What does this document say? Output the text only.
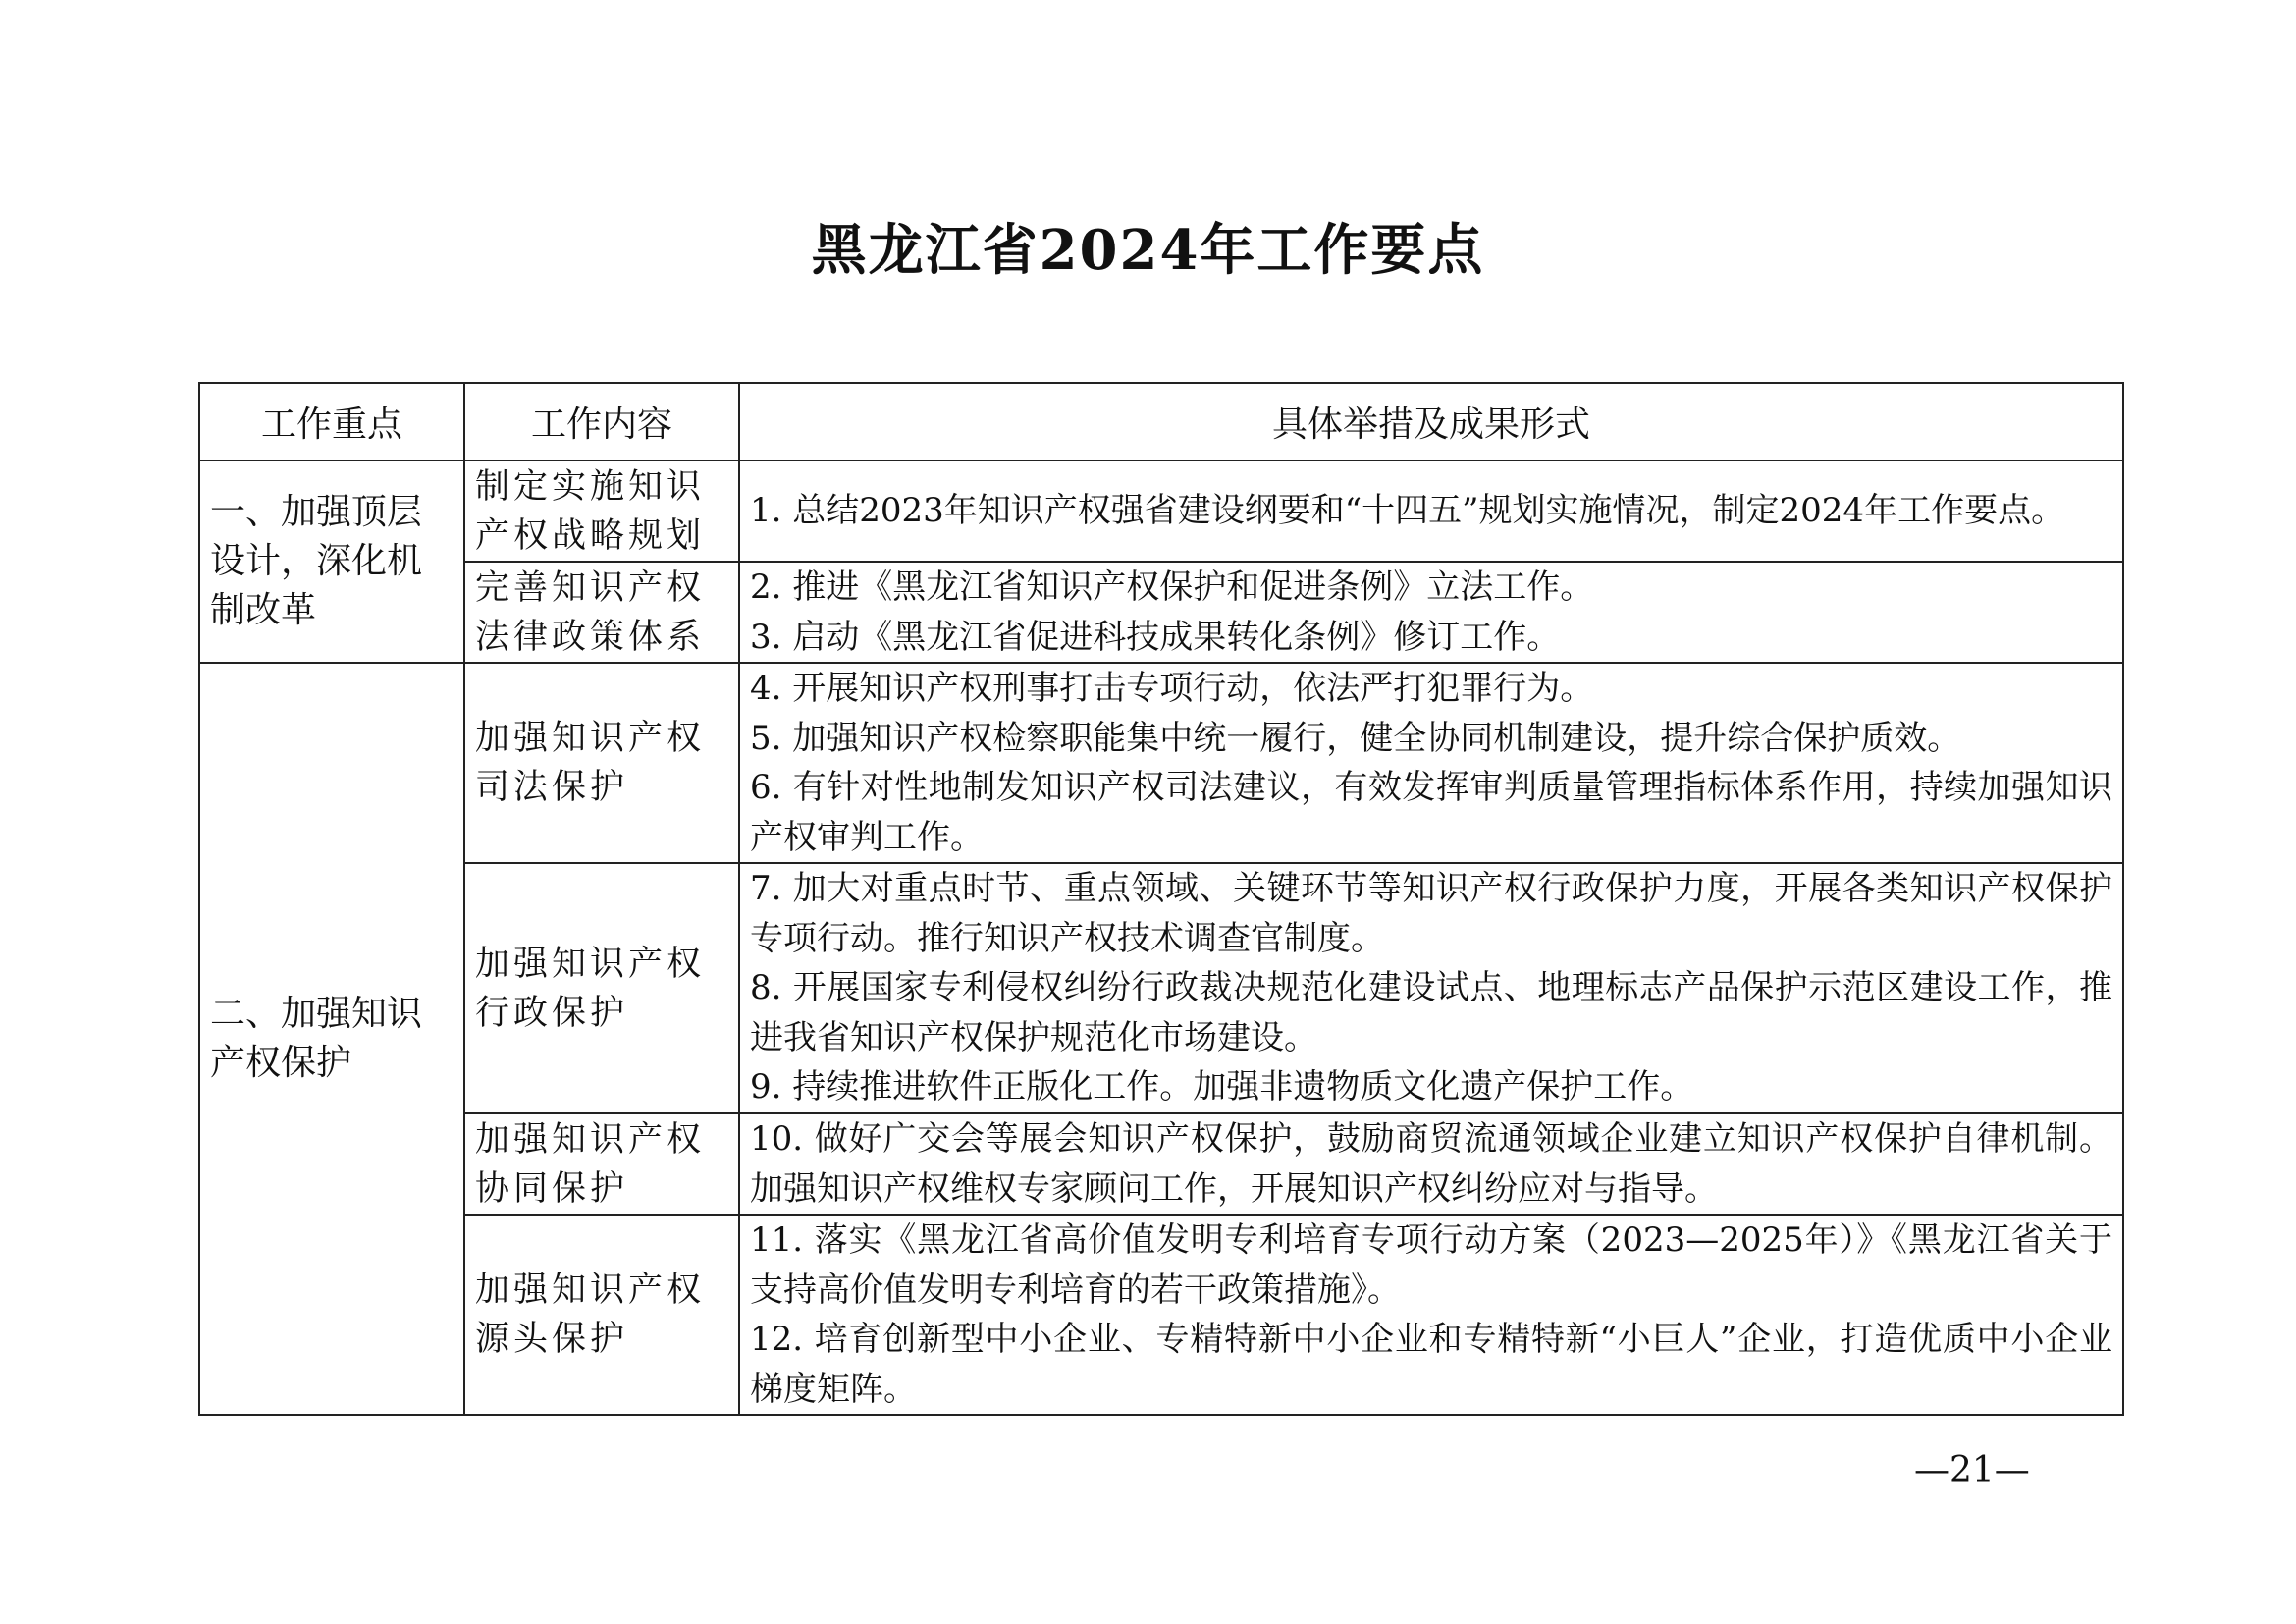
黑龙江省2024年工作要点
工作重点	工作内容	具体举措及成果形式
一、加强顶层设计，深化机制改革	制定实施知识产权战略规划	1. 总结2023年知识产权强省建设纲要和“十四五”规划实施情况，制定2024年工作要点。

	完善知识产权法律政策体系	2. 推进《黑龙江省知识产权保护和促进条例》立法工作。
3. 启动《黑龙江省促进科技成果转化条例》修订工作。

二、加强知识产权保护	加强知识产权司法保护	4. 开展知识产权刑事打击专项行动，依法严打犯罪行为。
5. 加强知识产权检察职能集中统一履行，健全协同机制建设，提升综合保护质效。
6. 有针对性地制发知识产权司法建议，有效发挥审判质量管理指标体系作用，持续加强知识产权审判工作。

	加强知识产权行政保护	7. 加大对重点时节、重点领域、关键环节等知识产权行政保护力度，开展各类知识产权保护专项行动。推行知识产权技术调查官制度。
8. 开展国家专利侵权纠纷行政裁决规范化建设试点、地理标志产品保护示范区建设工作，推进我省知识产权保护规范化市场建设。
9. 持续推进软件正版化工作。加强非遗物质文化遗产保护工作。

	加强知识产权协同保护	10. 做好广交会等展会知识产权保护，鼓励商贸流通领域企业建立知识产权保护自律机制。加强知识产权维权专家顾问工作，开展知识产权纠纷应对与指导。

	加强知识产权源头保护	11. 落实《黑龙江省高价值发明专利培育专项行动方案（2023—2025年）》《黑龙江省关于支持高价值发明专利培育的若干政策措施》。
12. 培育创新型中小企业、专精特新中小企业和专精特新“小巨人”企业，打造优质中小企业梯度矩阵。
—21—
